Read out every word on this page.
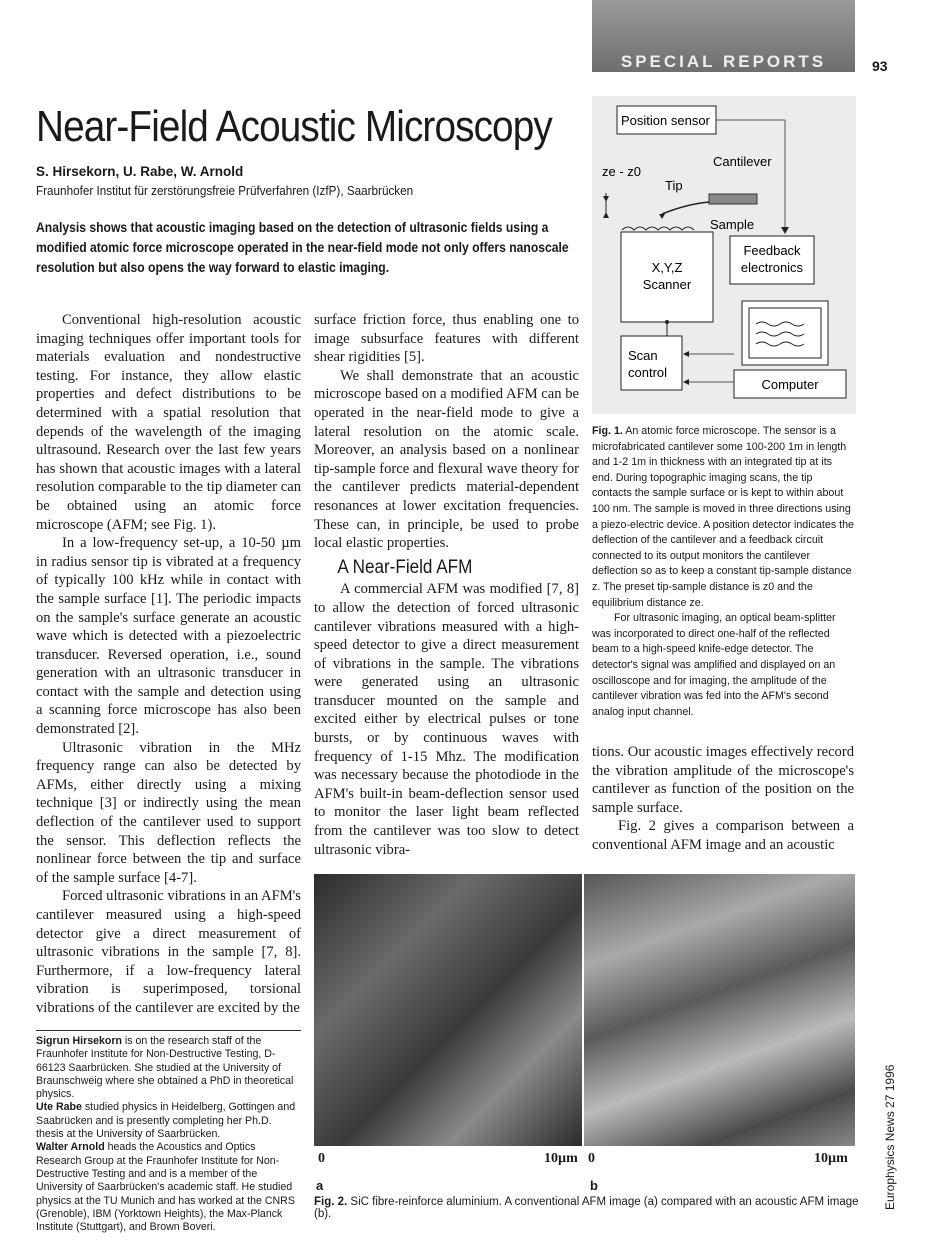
SPECIAL REPORTS	93
Near-Field Acoustic Microscopy
S. Hirsekorn, U. Rabe, W. Arnold
Fraunhofer Institut für zerstörungsfreie Prüfverfahren (IzfP), Saarbrücken
Analysis shows that acoustic imaging based on the detection of ultrasonic fields using a modified atomic force microscope operated in the near-field mode not only offers nanoscale resolution but also opens the way forward to elastic imaging.

Conventional high-resolution acoustic imaging techniques offer important tools for materials evaluation and nondestructive testing. For instance, they allow elastic properties and defect distributions to be determined with a spatial resolution that depends of the wavelength of the imaging ultrasound. Research over the last few years has shown that acoustic images with a lateral resolution comparable to the tip diameter can be obtained using an atomic force microscope (AFM; see Fig. 1).

In a low-frequency set-up, a 10-50 µm in radius sensor tip is vibrated at a frequency of typically 100 kHz while in contact with the sample surface [1]. The periodic impacts on the sample's surface generate an acoustic wave which is detected with a piezoelectric transducer. Reversed operation, i.e., sound generation with an ultrasonic transducer in contact with the sample and detection using a scanning force microscope has also been demonstrated [2].

Ultrasonic vibration in the MHz frequency range can also be detected by AFMs, either directly using a mixing technique [3] or indirectly using the mean deflection of the cantilever used to support the sensor. This deflection reflects the nonlinear force between the tip and surface of the sample surface [4-7].

Forced ultrasonic vibrations in an AFM's cantilever measured using a high-speed detector give a direct measurement of ultrasonic vibrations in the sample [7, 8]. Furthermore, if a low-frequency lateral vibration is superimposed, torsional vibrations of the cantilever are excited by the

Sigrun Hirsekorn is on the research staff of the Fraunhofer Institute for Non-Destructive Testing, D-66123 Saarbrücken. She studied at the University of Braunschweig where she obtained a PhD in theoretical physics.

Ute Rabe studied physics in Heidelberg, Gottingen and Saabrücken and is presently completing her Ph.D. thesis at the University of Saarbrücken.

Walter Arnold heads the Acoustics and Optics Research Group at the Fraunhofer Institute for Non-Destructive Testing and and is a member of the University of Saarbrücken's academic staff. He studied physics at the TU Munich and has worked at the CNRS (Grenoble), IBM (Yorktown Heights), the Max-Planck Institute (Stuttgart), and Brown Boveri.

surface friction force, thus enabling one to image subsurface features with different shear rigidities [5].

We shall demonstrate that an acoustic microscope based on a modified AFM can be operated in the near-field mode to give a lateral resolution on the atomic scale. Moreover, an analysis based on a nonlinear tip-sample force and flexural wave theory for the cantilever predicts material-dependent resonances at lower excitation frequencies. These can, in principle, be used to probe local elastic properties.

A Near-Field AFM

A commercial AFM was modified [7, 8] to allow the detection of forced ultrasonic cantilever vibrations measured with a high-speed detector to give a direct measurement of vibrations in the sample. The vibrations were generated using an ultrasonic transducer mounted on the sample and excited either by electrical pulses or tone bursts, or by continuous waves with frequency of 1-15 Mhz. The modification was necessary because the photodiode in the AFM's built-in beam-deflection sensor used to monitor the laser light beam reflected from the cantilever was too slow to detect ultrasonic vibra-

Position sensor
Cantilever
ze - z0
Tip
Sample
X,Y,Z
Scanner
Feedback
electronics
Scan
control
Computer

Fig. 1. An atomic force microscope. The sensor is a microfabricated cantilever some 100-200 1m in length and 1-2 1m in thickness with an integrated tip at its end. During topographic imaging scans, the tip contacts the sample surface or is kept to within about 100 nm. The sample is moved in three directions using a piezo-electric device. A position detector indicates the deflection of the cantilever and a feedback circuit connected to its output monitors the cantilever deflection so as to keep a constant tip-sample distance z. The preset tip-sample distance is z0 and the equilibrium distance ze.

For ultrasonic imaging, an optical beam-splitter was incorporated to direct one-half of the reflected beam to a high-speed knife-edge detector. The detector's signal was amplified and displayed on an oscilloscope and for imaging, the amplitude of the cantilever vibration was fed into the AFM's second analog input channel.

tions. Our acoustic images effectively record the vibration amplitude of the microscope's cantilever as function of the position on the sample surface.

Fig. 2 gives a comparison between a conventional AFM image and an acoustic

0	10µm 0	10µm
a	b
Fig. 2. SiC fibre-reinforce aluminium. A conventional AFM image (a) compared with an acoustic AFM image (b).
Europhysics News 27 1996
